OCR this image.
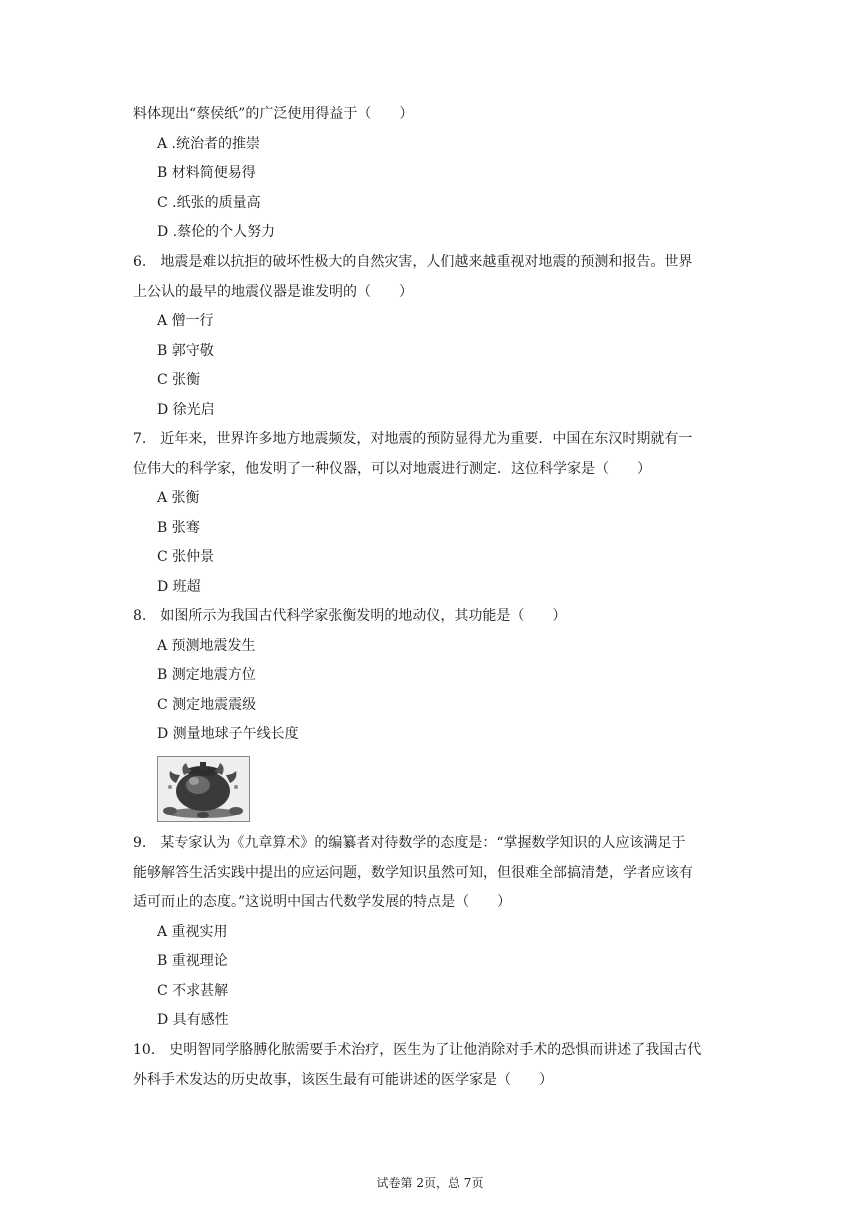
料体现出“蔡侯纸”的广泛使用得益于（　　）
A .统治者的推崇
B 材料简便易得
C .纸张的质量高
D .蔡伦的个人努力
6.　地震是难以抗拒的破坏性极大的自然灾害，人们越来越重视对地震的预测和报告。世界
上公认的最早的地震仪器是谁发明的（　　）
A 僧一行
B 郭守敬
C 张衡
D 徐光启
7.　近年来，世界许多地方地震频发，对地震的预防显得尤为重要．中国在东汉时期就有一
位伟大的科学家，他发明了一种仪器，可以对地震进行测定．这位科学家是（　　）
A 张衡
B 张骞
C 张仲景
D 班超
8.　如图所示为我国古代科学家张衡发明的地动仪，其功能是（　　）
A 预测地震发生
B 测定地震方位
C 测定地震震级
D 测量地球子午线长度
9.　某专家认为《九章算术》的编纂者对待数学的态度是：“掌握数学知识的人应该满足于
能够解答生活实践中提出的应运问题，数学知识虽然可知，但很难全部搞清楚，学者应该有
适可而止的态度。”这说明中国古代数学发展的特点是（　　）
A 重视实用
B 重视理论
C 不求甚解
D 具有感性
10.　史明智同学胳膊化脓需要手术治疗，医生为了让他消除对手术的恐惧而讲述了我国古代
外科手术发达的历史故事，该医生最有可能讲述的医学家是（　　）
试卷第 2页，总 7页
